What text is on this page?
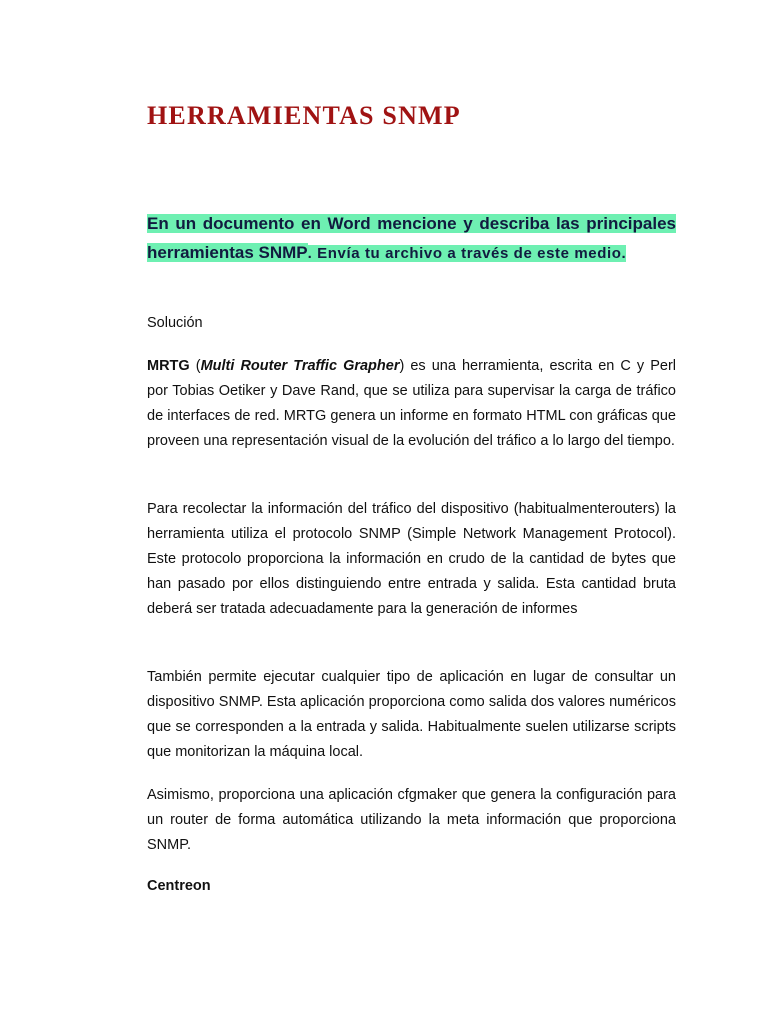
HERRAMIENTAS SNMP

En un documento en Word mencione y describa las principales herramientas SNMP. Envía tu archivo a través de este medio.

Solución

MRTG (Multi Router Traffic Grapher) es una herramienta, escrita en C y Perl por Tobias Oetiker y Dave Rand, que se utiliza para supervisar la carga de tráfico de interfaces de red. MRTG genera un informe en formato HTML con gráficas que proveen una representación visual de la evolución del tráfico a lo largo del tiempo.

Para recolectar la información del tráfico del dispositivo (habitualmenterouters) la herramienta utiliza el protocolo SNMP (Simple Network Management Protocol). Este protocolo proporciona la información en crudo de la cantidad de bytes que han pasado por ellos distinguiendo entre entrada y salida. Esta cantidad bruta deberá ser tratada adecuadamente para la generación de informes

También permite ejecutar cualquier tipo de aplicación en lugar de consultar un dispositivo SNMP. Esta aplicación proporciona como salida dos valores numéricos que se corresponden a la entrada y salida. Habitualmente suelen utilizarse scripts que monitorizan la máquina local.

Asimismo, proporciona una aplicación cfgmaker que genera la configuración para un router de forma automática utilizando la meta información que proporciona SNMP.

Centreon
